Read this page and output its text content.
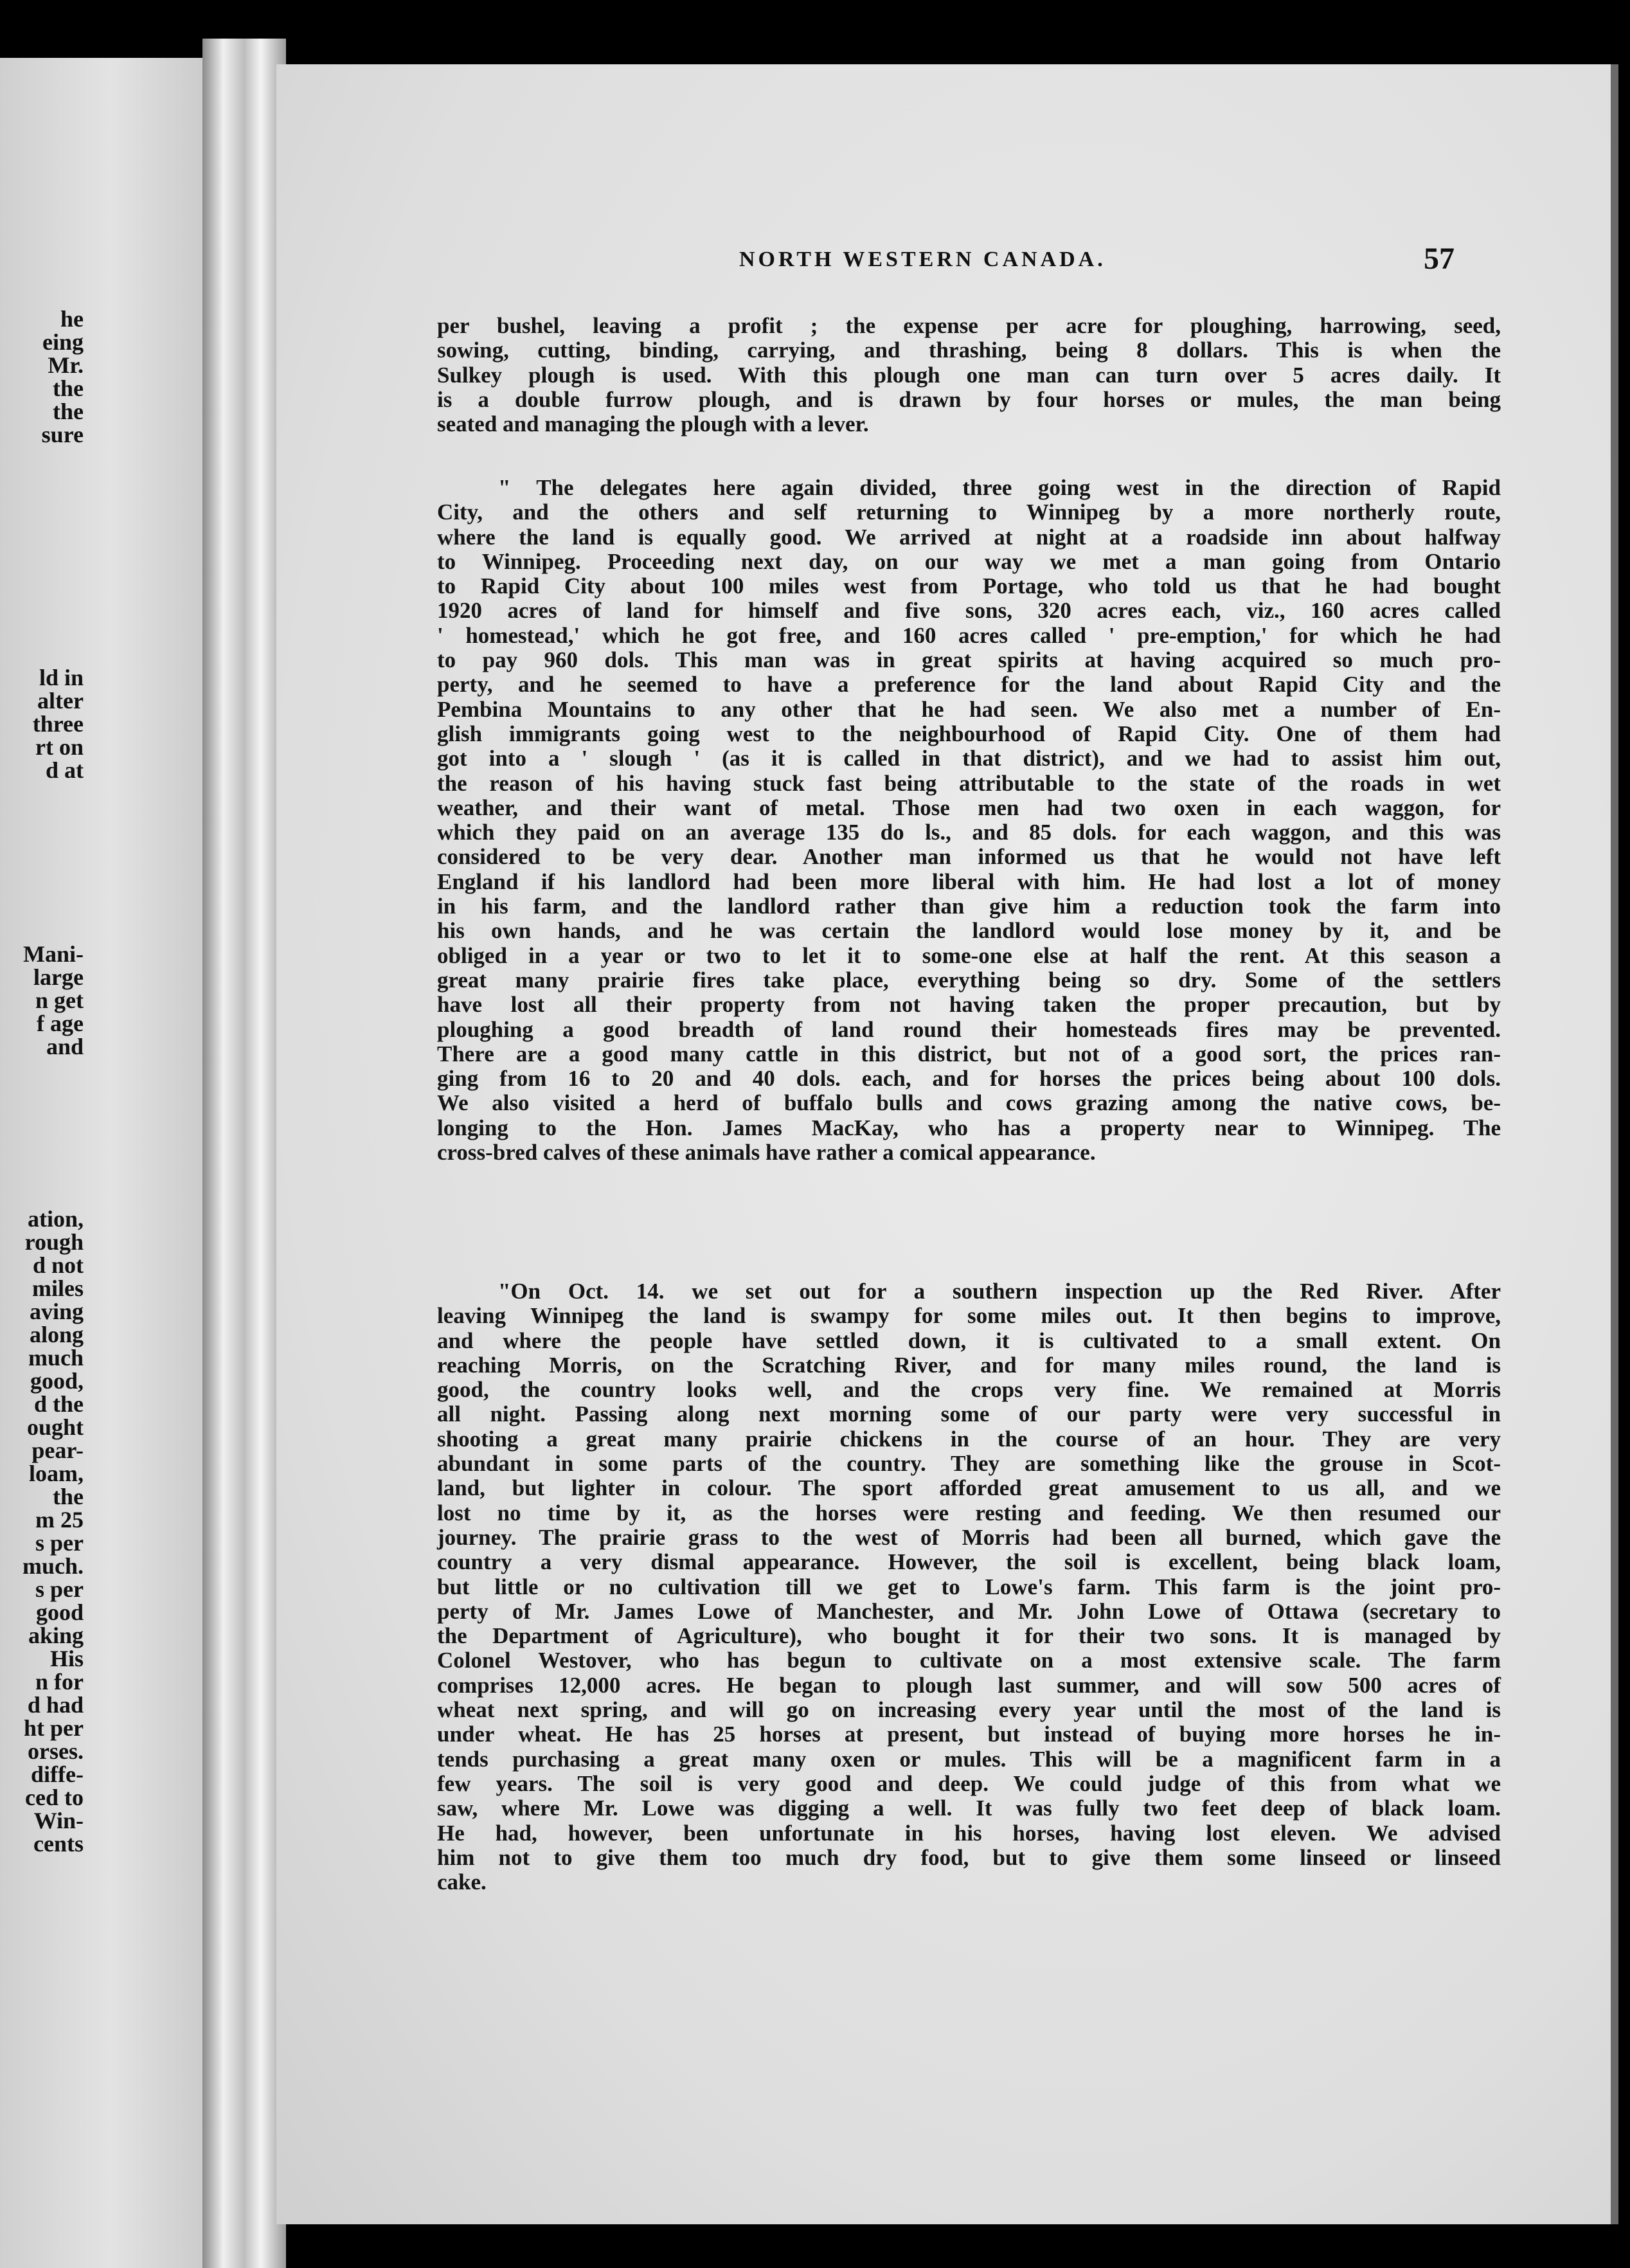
he
eing
Mr.
the
the
sure
ld in
alter
three
rt on
d at
Mani-
large
n get
f age
and
ation,
rough
d not
miles
aving
along
much
good,
d the
ought
pear-
loam,
the
m 25
s per
much.
s per
good
aking
His
n for
d had
ht per
orses.
diffe-
ced to
Win-
cents
NORTH WESTERN CANADA.	57
per bushel, leaving a profit ; the expense per acre for ploughing, harrowing, seed,
sowing, cutting, binding, carrying, and thrashing, being 8 dollars. This is when the
Sulkey plough is used. With this plough one man can turn over 5 acres daily. It
is a double furrow plough, and is drawn by four horses or mules, the man being
seated and managing the plough with a lever.
" The delegates here again divided, three going west in the direction of Rapid
City, and the others and self returning to Winnipeg by a more northerly route,
where the land is equally good. We arrived at night at a roadside inn about halfway
to Winnipeg. Proceeding next day, on our way we met a man going from Ontario
to Rapid City about 100 miles west from Portage, who told us that he had bought
1920 acres of land for himself and five sons, 320 acres each, viz., 160 acres called
' homestead,' which he got free, and 160 acres called ' pre-emption,' for which he had
to pay 960 dols. This man was in great spirits at having acquired so much pro-
perty, and he seemed to have a preference for the land about Rapid City and the
Pembina Mountains to any other that he had seen. We also met a number of En-
glish immigrants going west to the neighbourhood of Rapid City. One of them had
got into a ' slough ' (as it is called in that district), and we had to assist him out,
the reason of his having stuck fast being attributable to the state of the roads in wet
weather, and their want of metal. Those men had two oxen in each waggon, for
which they paid on an average 135 do ls., and 85 dols. for each waggon, and this was
considered to be very dear. Another man informed us that he would not have left
England if his landlord had been more liberal with him. He had lost a lot of money
in his farm, and the landlord rather than give him a reduction took the farm into
his own hands, and he was certain the landlord would lose money by it, and be
obliged in a year or two to let it to some-one else at half the rent. At this season a
great many prairie fires take place, everything being so dry. Some of the settlers
have lost all their property from not having taken the proper precaution, but by
ploughing a good breadth of land round their homesteads fires may be prevented.
There are a good many cattle in this district, but not of a good sort, the prices ran-
ging from 16 to 20 and 40 dols. each, and for horses the prices being about 100 dols.
We also visited a herd of buffalo bulls and cows grazing among the native cows, be-
longing to the Hon. James MacKay, who has a property near to Winnipeg. The
cross-bred calves of these animals have rather a comical appearance.
"On Oct. 14. we set out for a southern inspection up the Red River. After
leaving Winnipeg the land is swampy for some miles out. It then begins to improve,
and where the people have settled down, it is cultivated to a small extent. On
reaching Morris, on the Scratching River, and for many miles round, the land is
good, the country looks well, and the crops very fine. We remained at Morris
all night. Passing along next morning some of our party were very successful in
shooting a great many prairie chickens in the course of an hour. They are very
abundant in some parts of the country. They are something like the grouse in Scot-
land, but lighter in colour. The sport afforded great amusement to us all, and we
lost no time by it, as the horses were resting and feeding. We then resumed our
journey. The prairie grass to the west of Morris had been all burned, which gave the
country a very dismal appearance. However, the soil is excellent, being black loam,
but little or no cultivation till we get to Lowe's farm. This farm is the joint pro-
perty of Mr. James Lowe of Manchester, and Mr. John Lowe of Ottawa (secretary to
the Department of Agriculture), who bought it for their two sons. It is managed by
Colonel Westover, who has begun to cultivate on a most extensive scale. The farm
comprises 12,000 acres. He began to plough last summer, and will sow 500 acres of
wheat next spring, and will go on increasing every year until the most of the land is
under wheat. He has 25 horses at present, but instead of buying more horses he in-
tends purchasing a great many oxen or mules. This will be a magnificent farm in a
few years. The soil is very good and deep. We could judge of this from what we
saw, where Mr. Lowe was digging a well. It was fully two feet deep of black loam.
He had, however, been unfortunate in his horses, having lost eleven. We advised
him not to give them too much dry food, but to give them some linseed or linseed
cake.
